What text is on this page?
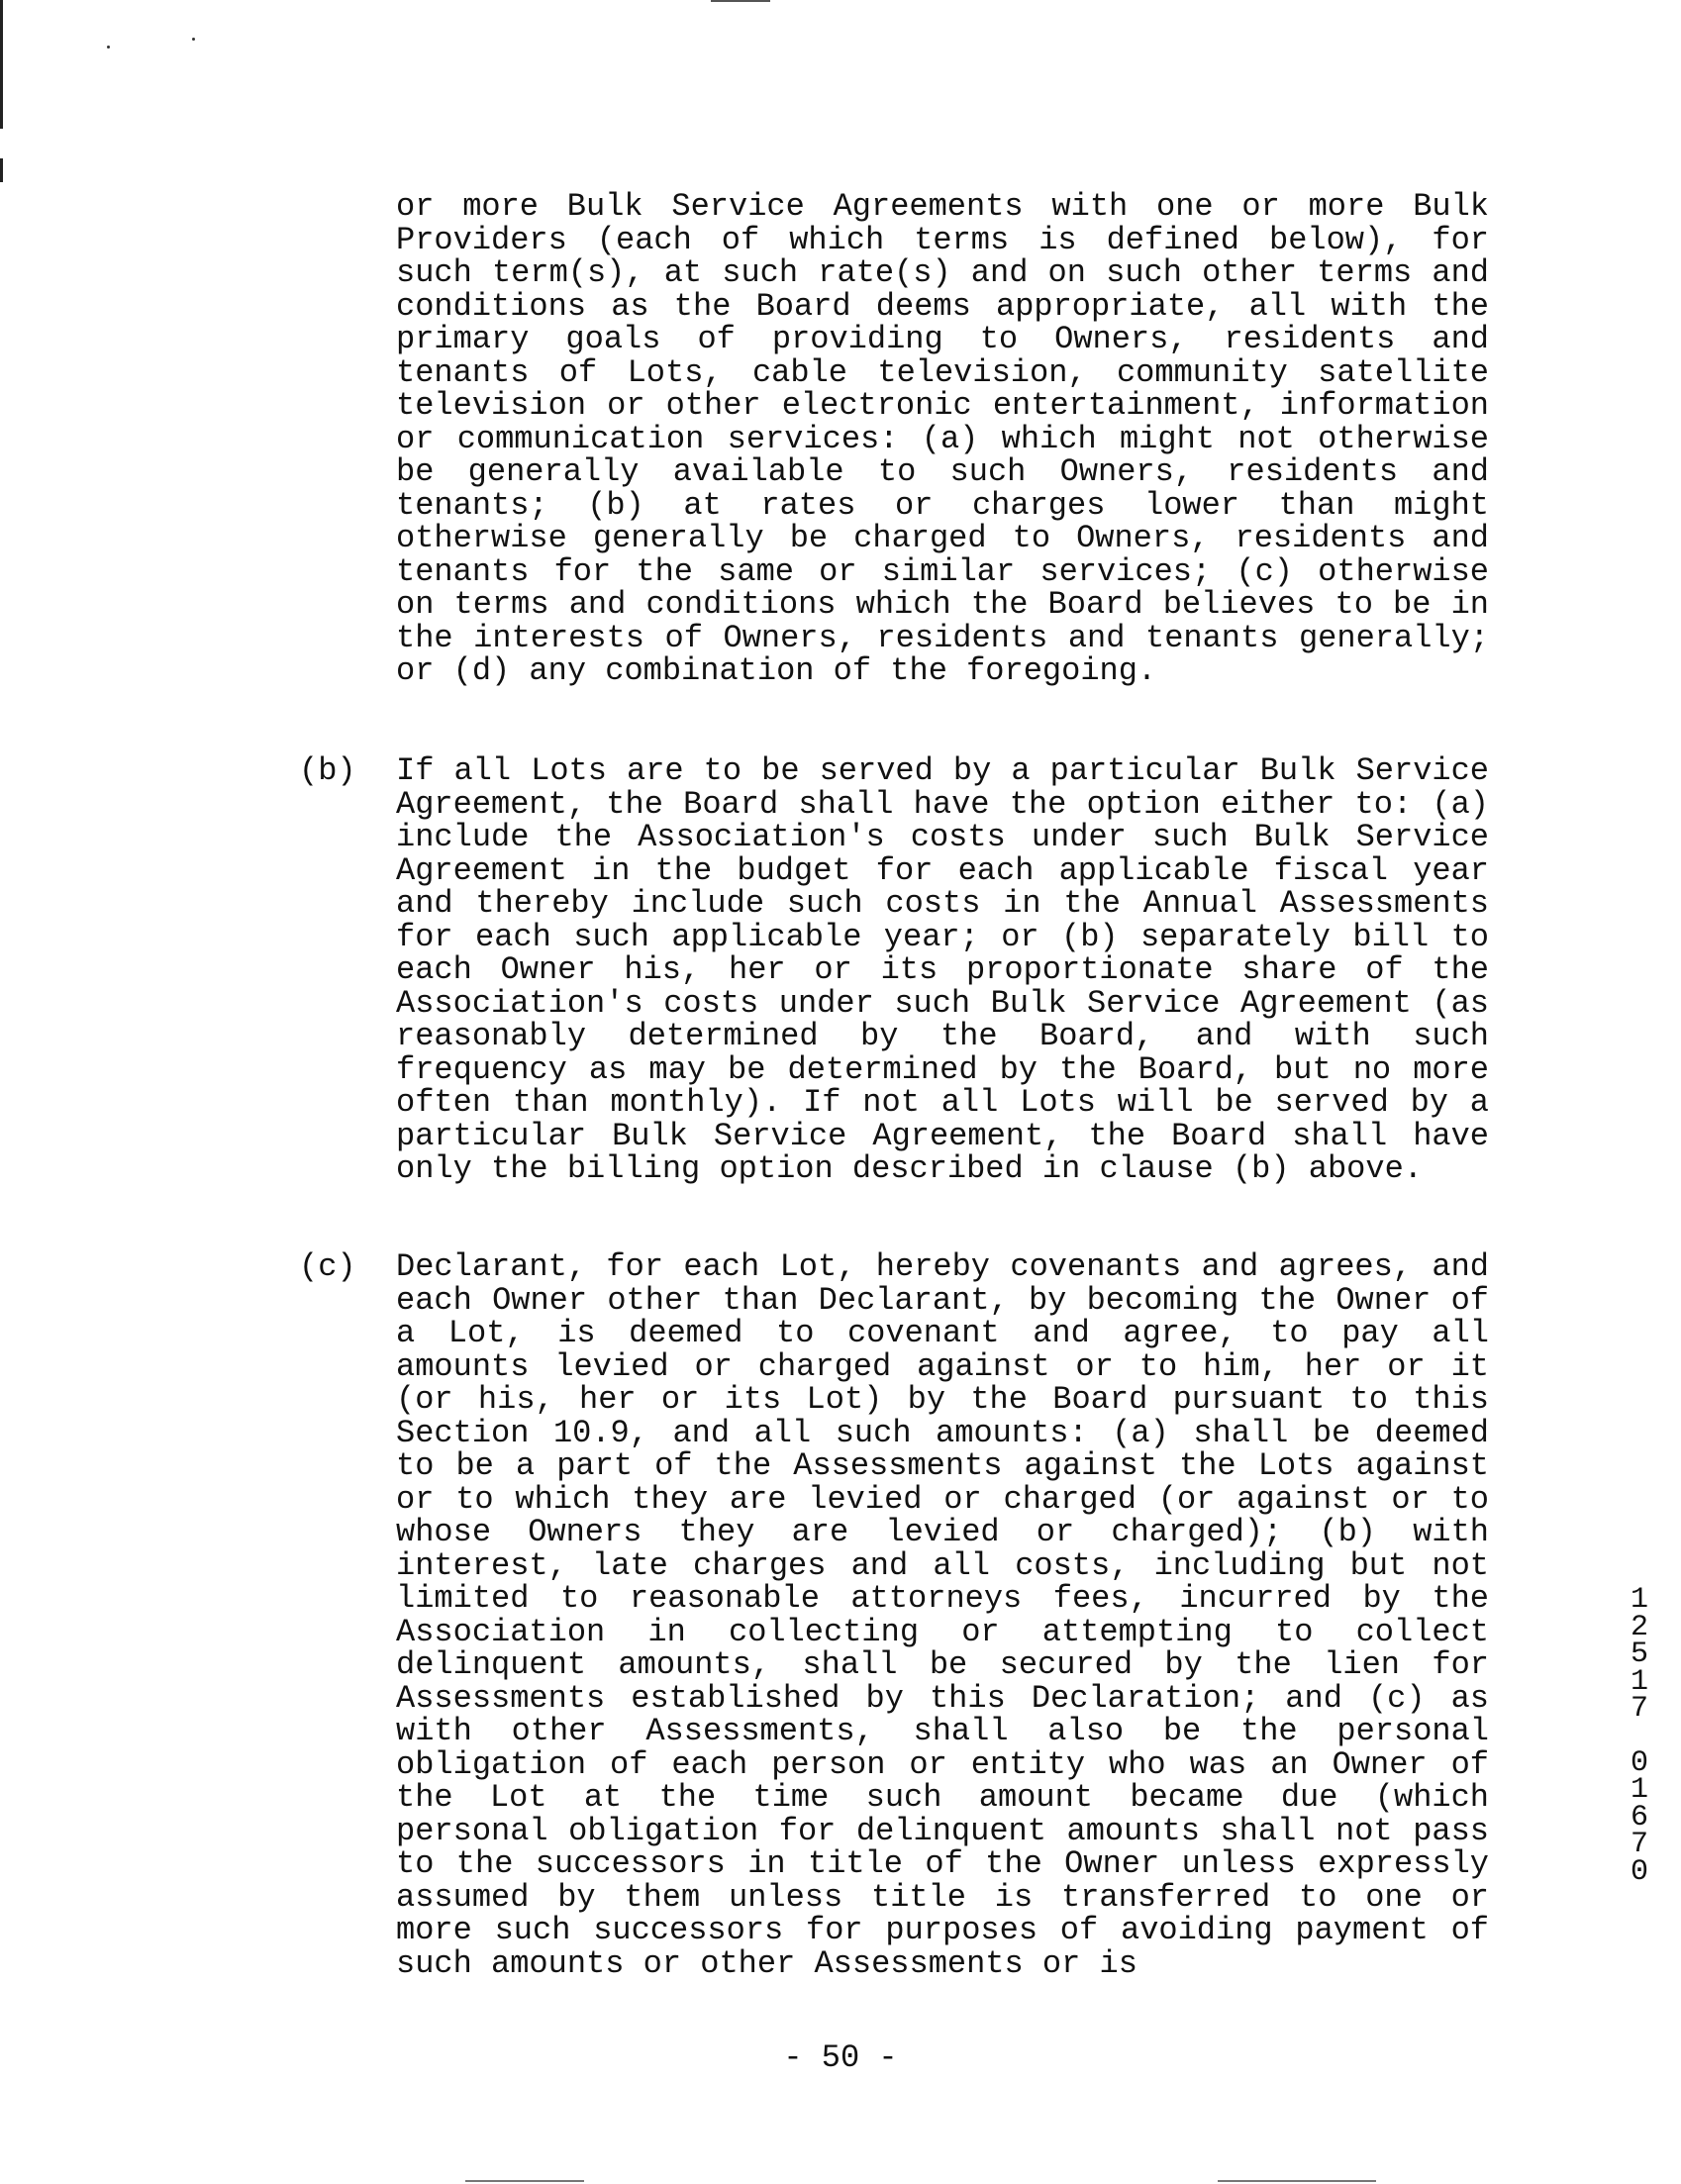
or more Bulk Service Agreements with one or more Bulk Providers (each of which terms is defined below), for such term(s), at such rate(s) and on such other terms and conditions as the Board deems appropriate, all with the primary goals of providing to Owners, residents and tenants of Lots, cable television, community satellite television or other electronic entertainment, information or communication services: (a) which might not otherwise be generally available to such Owners, residents and tenants; (b) at rates or charges lower than might otherwise generally be charged to Owners, residents and tenants for the same or similar services; (c) otherwise on terms and conditions which the Board believes to be in the interests of Owners, residents and tenants generally; or (d) any combination of the foregoing.

(b) If all Lots are to be served by a particular Bulk Service Agreement, the Board shall have the option either to: (a) include the Association's costs under such Bulk Service Agreement in the budget for each applicable fiscal year and thereby include such costs in the Annual Assessments for each such applicable year; or (b) separately bill to each Owner his, her or its proportionate share of the Association's costs under such Bulk Service Agreement (as reasonably determined by the Board, and with such frequency as may be determined by the Board, but no more often than monthly). If not all Lots will be served by a particular Bulk Service Agreement, the Board shall have only the billing option described in clause (b) above.

(c) Declarant, for each Lot, hereby covenants and agrees, and each Owner other than Declarant, by becoming the Owner of a Lot, is deemed to covenant and agree, to pay all amounts levied or charged against or to him, her or it (or his, her or its Lot) by the Board pursuant to this Section 10.9, and all such amounts: (a) shall be deemed to be a part of the Assessments against the Lots against or to which they are levied or charged (or against or to whose Owners they are levied or charged); (b) with interest, late charges and all costs, including but not limited to reasonable attorneys fees, incurred by the Association in collecting or attempting to collect delinquent amounts, shall be secured by the lien for Assessments established by this Declaration; and (c) as with other Assessments, shall also be the personal obligation of each person or entity who was an Owner of the Lot at the time such amount became due (which personal obligation for delinquent amounts shall not pass to the successors in title of the Owner unless expressly assumed by them unless title is transferred to one or more such successors for purposes of avoiding payment of such amounts or other Assessments or is

- 50 -
1
2
5
1
7
0
1
6
7
0
